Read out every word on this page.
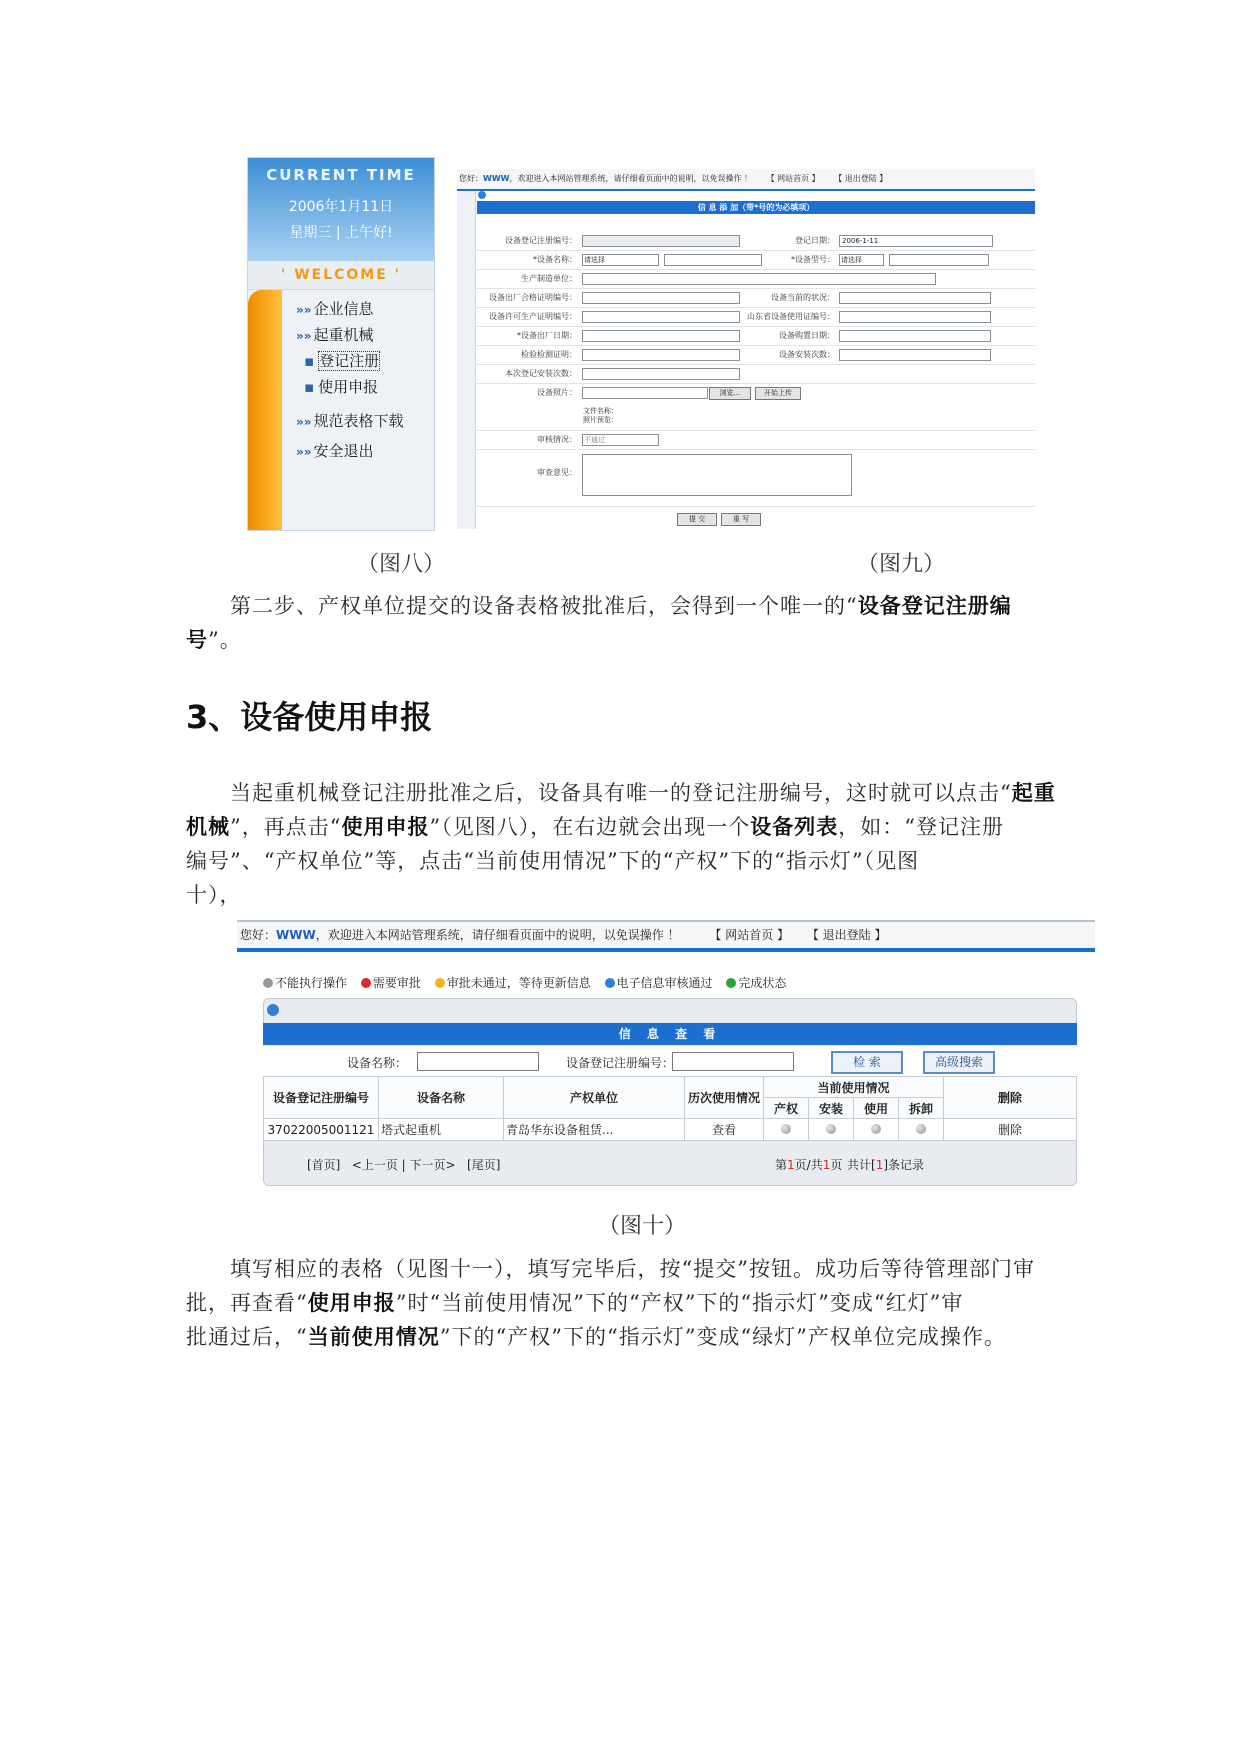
CURRENT TIME
2006年1月11日
星期三 | 上午好!
' WELCOME '
»» 企业信息
»» 起重机械
▪ 登记注册
▪ 使用申报
»» 规范表格下载
»» 安全退出
您好：WWW，欢迎进入本网站管理系统，请仔细看页面中的说明，以免误操作 ！ 【 网站首页 】 【 退出登陆 】
信 息 添 加（带*号的为必填项）
设备登记注册编号：	登记日期：	2006-1-11
*设备名称： 请选择	*设备型号： 请选择
生产制造单位：
设备出厂合格证明编号：	设备当前的状况：
设备许可生产证明编号：	山东省设备使用证编号：
*设备出厂日期：	设备购置日期：
检验检测证明：	设备安装次数：
本次登记安装次数：
设备照片：	浏览...	开始上传
文件名称：
照片预览：
审核情况： 不通过
审查意见：
提 交	重 写
（图八）	（图九）

第二步、产权单位提交的设备表格被批准后，会得到一个唯一的“设备登记注册编

号”。
3、设备使用申报

当起重机械登记注册批准之后，设备具有唯一的登记注册编号，这时就可以点击“起重

机械”，再点击“使用申报”（见图八），在右边就会出现一个设备列表，如：“登记注册
编号”、“产权单位”等，点击“当前使用情况”下的“产权”下的“指示灯”（见图
十），
您好：WWW，欢迎进入本网站管理系统，请仔细看页面中的说明，以免误操作 ！ 【 网站首页 】 【 退出登陆 】
不能执行操作 需要审批 审批未通过，等待更新信息 电子信息审核通过 完成状态
信 息 查 看
设备名称：	设备登记注册编号：	检 索	高级搜索
设备登记注册编号	设备名称	产权单位	历次使用情况	当前使用情况				删除
				产权	安装	使用	拆卸	
37022005001121	塔式起重机	青岛华东设备租赁...	查看					删除
[首页]   <上一页 | 下一页>   [尾页]	第1页/共1页 共计[1]条记录
（图十）

填写相应的表格（见图十一），填写完毕后，按“提交”按钮。成功后等待管理部门审

批，再查看“使用申报”时“当前使用情况”下的“产权”下的“指示灯”变成“红灯”审
批通过后，“当前使用情况”下的“产权”下的“指示灯”变成“绿灯”产权单位完成操作。
